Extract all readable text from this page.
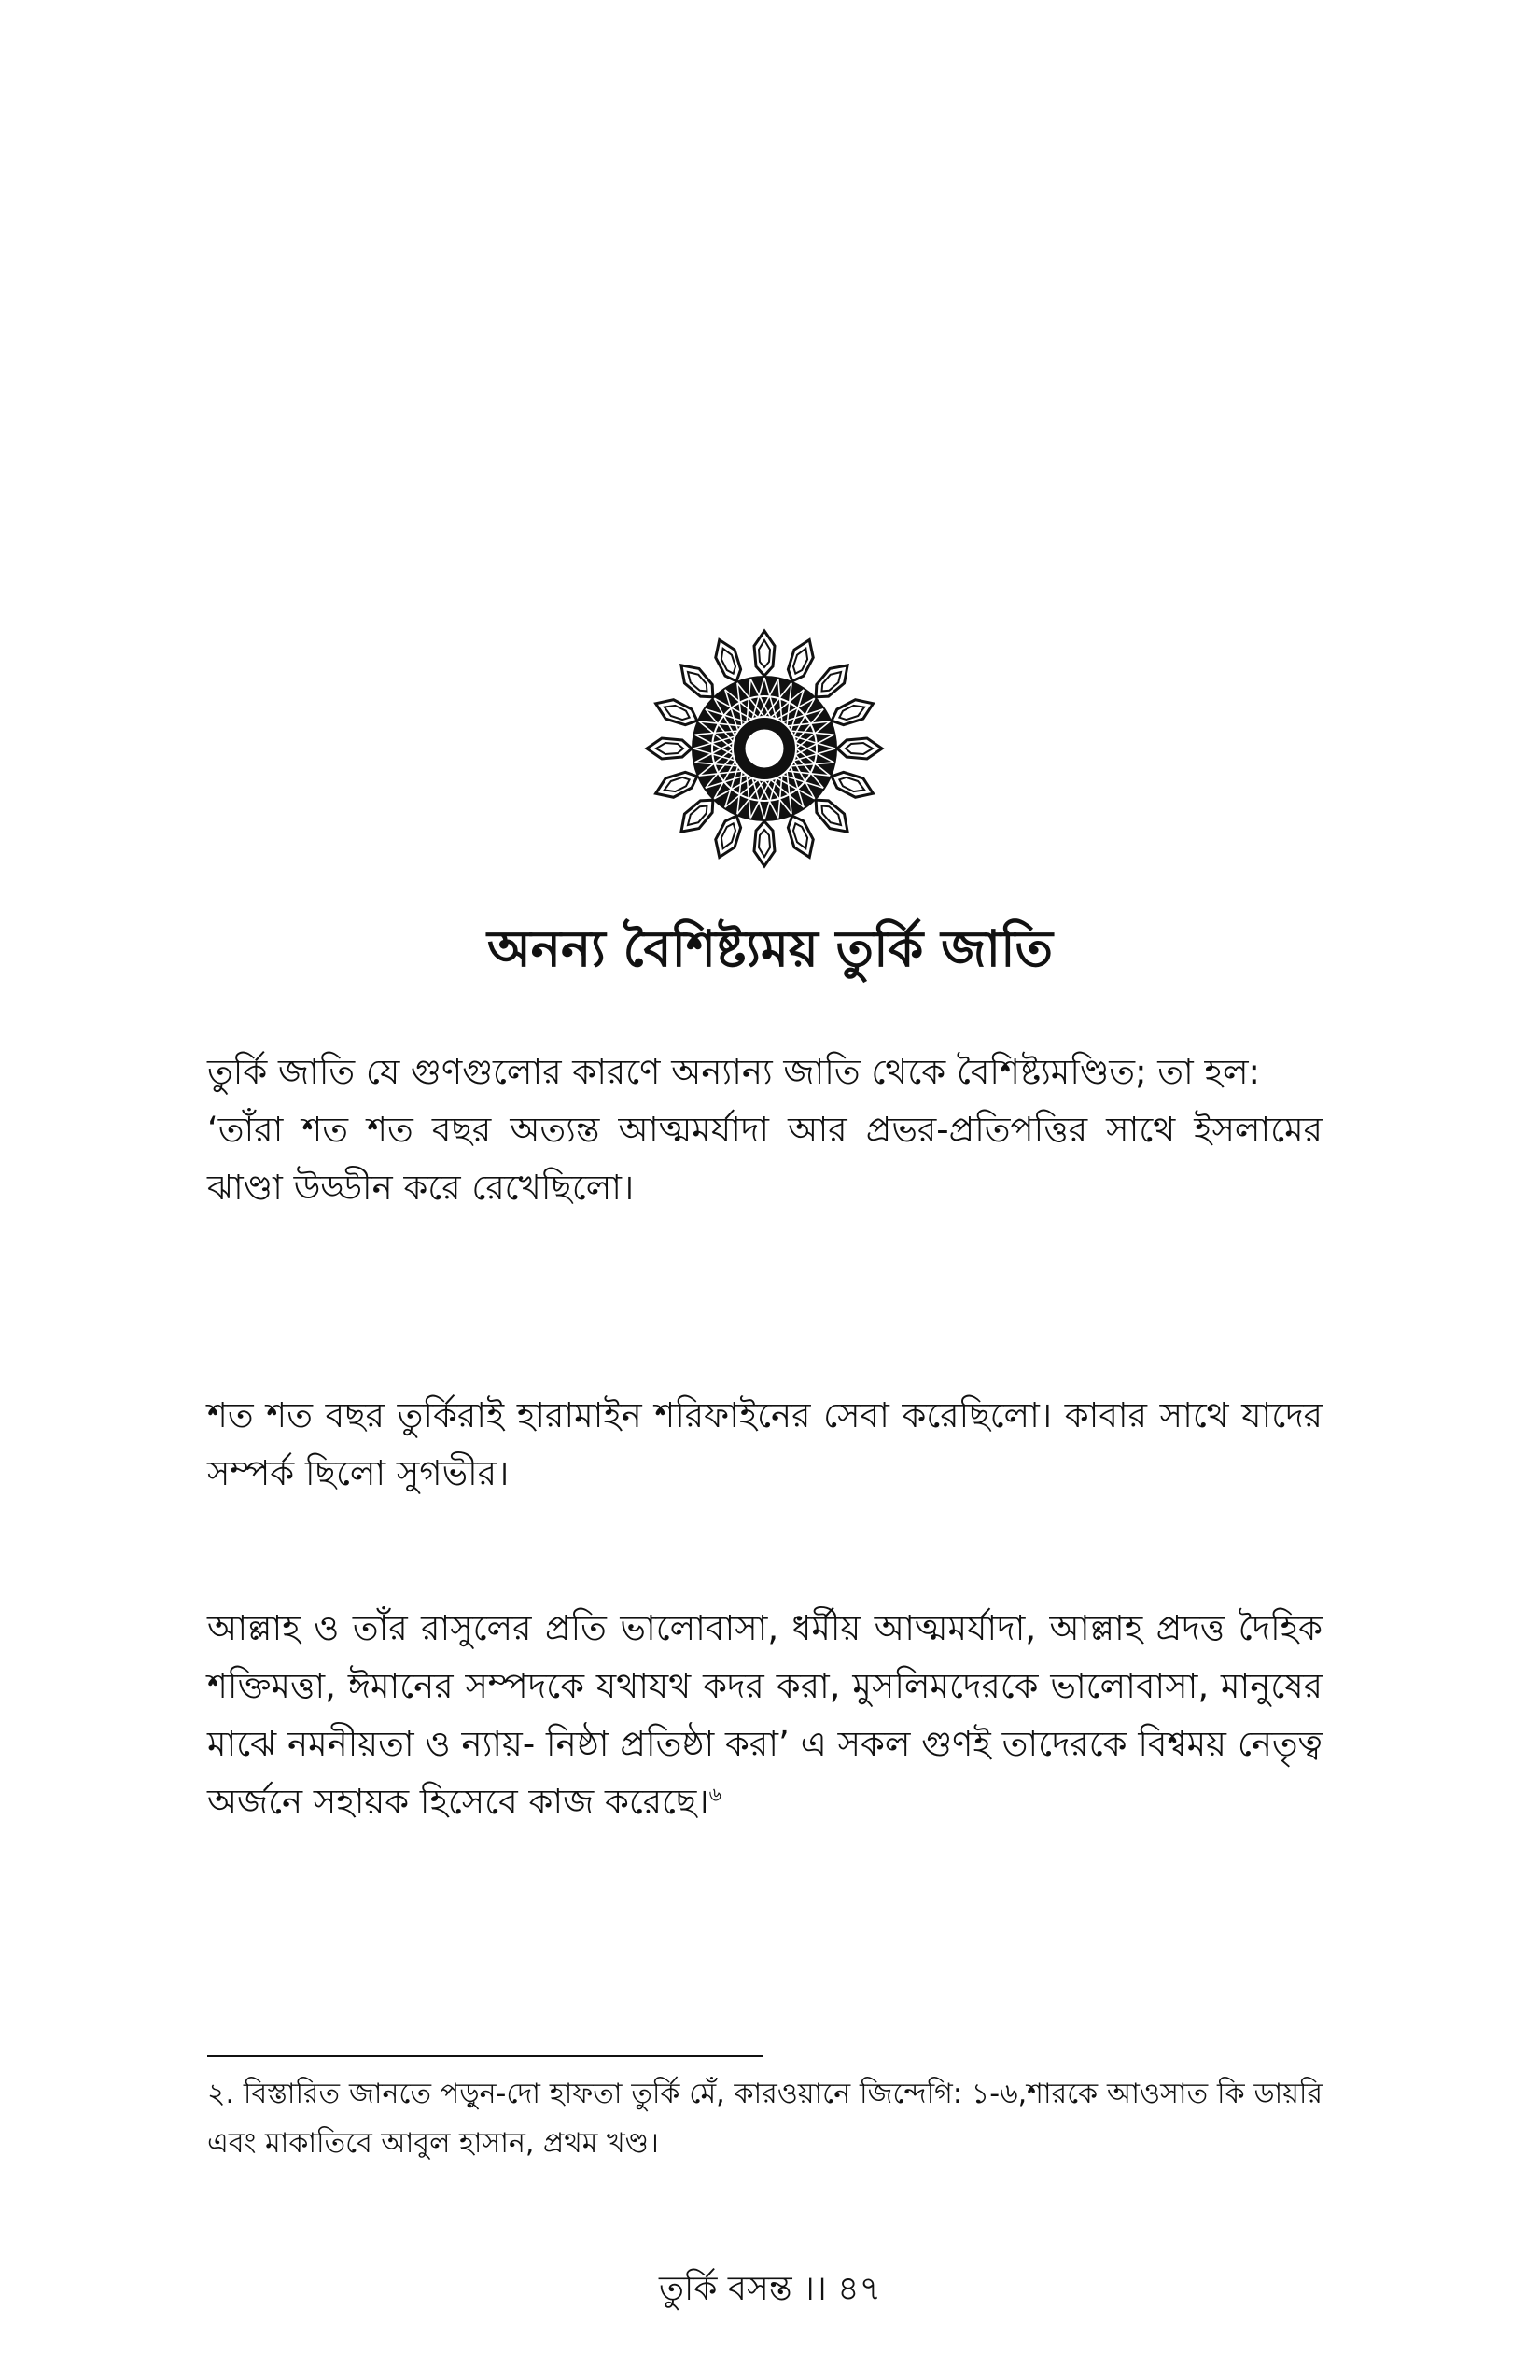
অনন্য বৈশিষ্ট্যময় তুর্কি জাতি

তুর্কি জাতি যে গুণগুলোর কারণে অন্যান্য জাতি থেকে বৈশিষ্ট্যমণ্ডিত; তা হল:

‘তাঁরা শত শত বছর অত্যন্ত আত্মমর্যাদা আর প্রভর-প্রতিপত্তির সাথে ইসলামের ঝাণ্ডা উড্ডীন করে রেখেছিলো।

শত শত বছর তুর্কিরাই হারামাইন শরিফাইনের সেবা করেছিলো। কাবার সাথে যাদের সম্পর্ক ছিলো সুগভীর।

আল্লাহ ও তাঁর রাসুলের প্রতি ভালোবাসা, ধর্মীয় আত্মমর্যাদা, আল্লাহ প্রদত্ত দৈহিক শক্তিমত্তা, ঈমানের সম্পদকে যথাযথ কদর করা, মুসলিমদেরকে ভালোবাসা, মানুষের মাঝে নমনীয়তা ও ন্যায়- নিষ্ঠা প্রতিষ্ঠা করা’ এ সকল গুণই তাদেরকে বিশ্বময় নেতৃত্ব অর্জনে সহায়ক হিসেবে কাজ করেছে।$^৬$

২. বিস্তারিত জানতে পড়ুন-দো হাফতা তুর্কি মেঁ, কারওয়ানে জিন্দেগি: ১-৬,শারকে আওসাত কি ডায়রি এবং মাকাতিবে আবুল হাসান, প্রথম খণ্ড।
তুর্কি বসন্ত ।। ৪৭
